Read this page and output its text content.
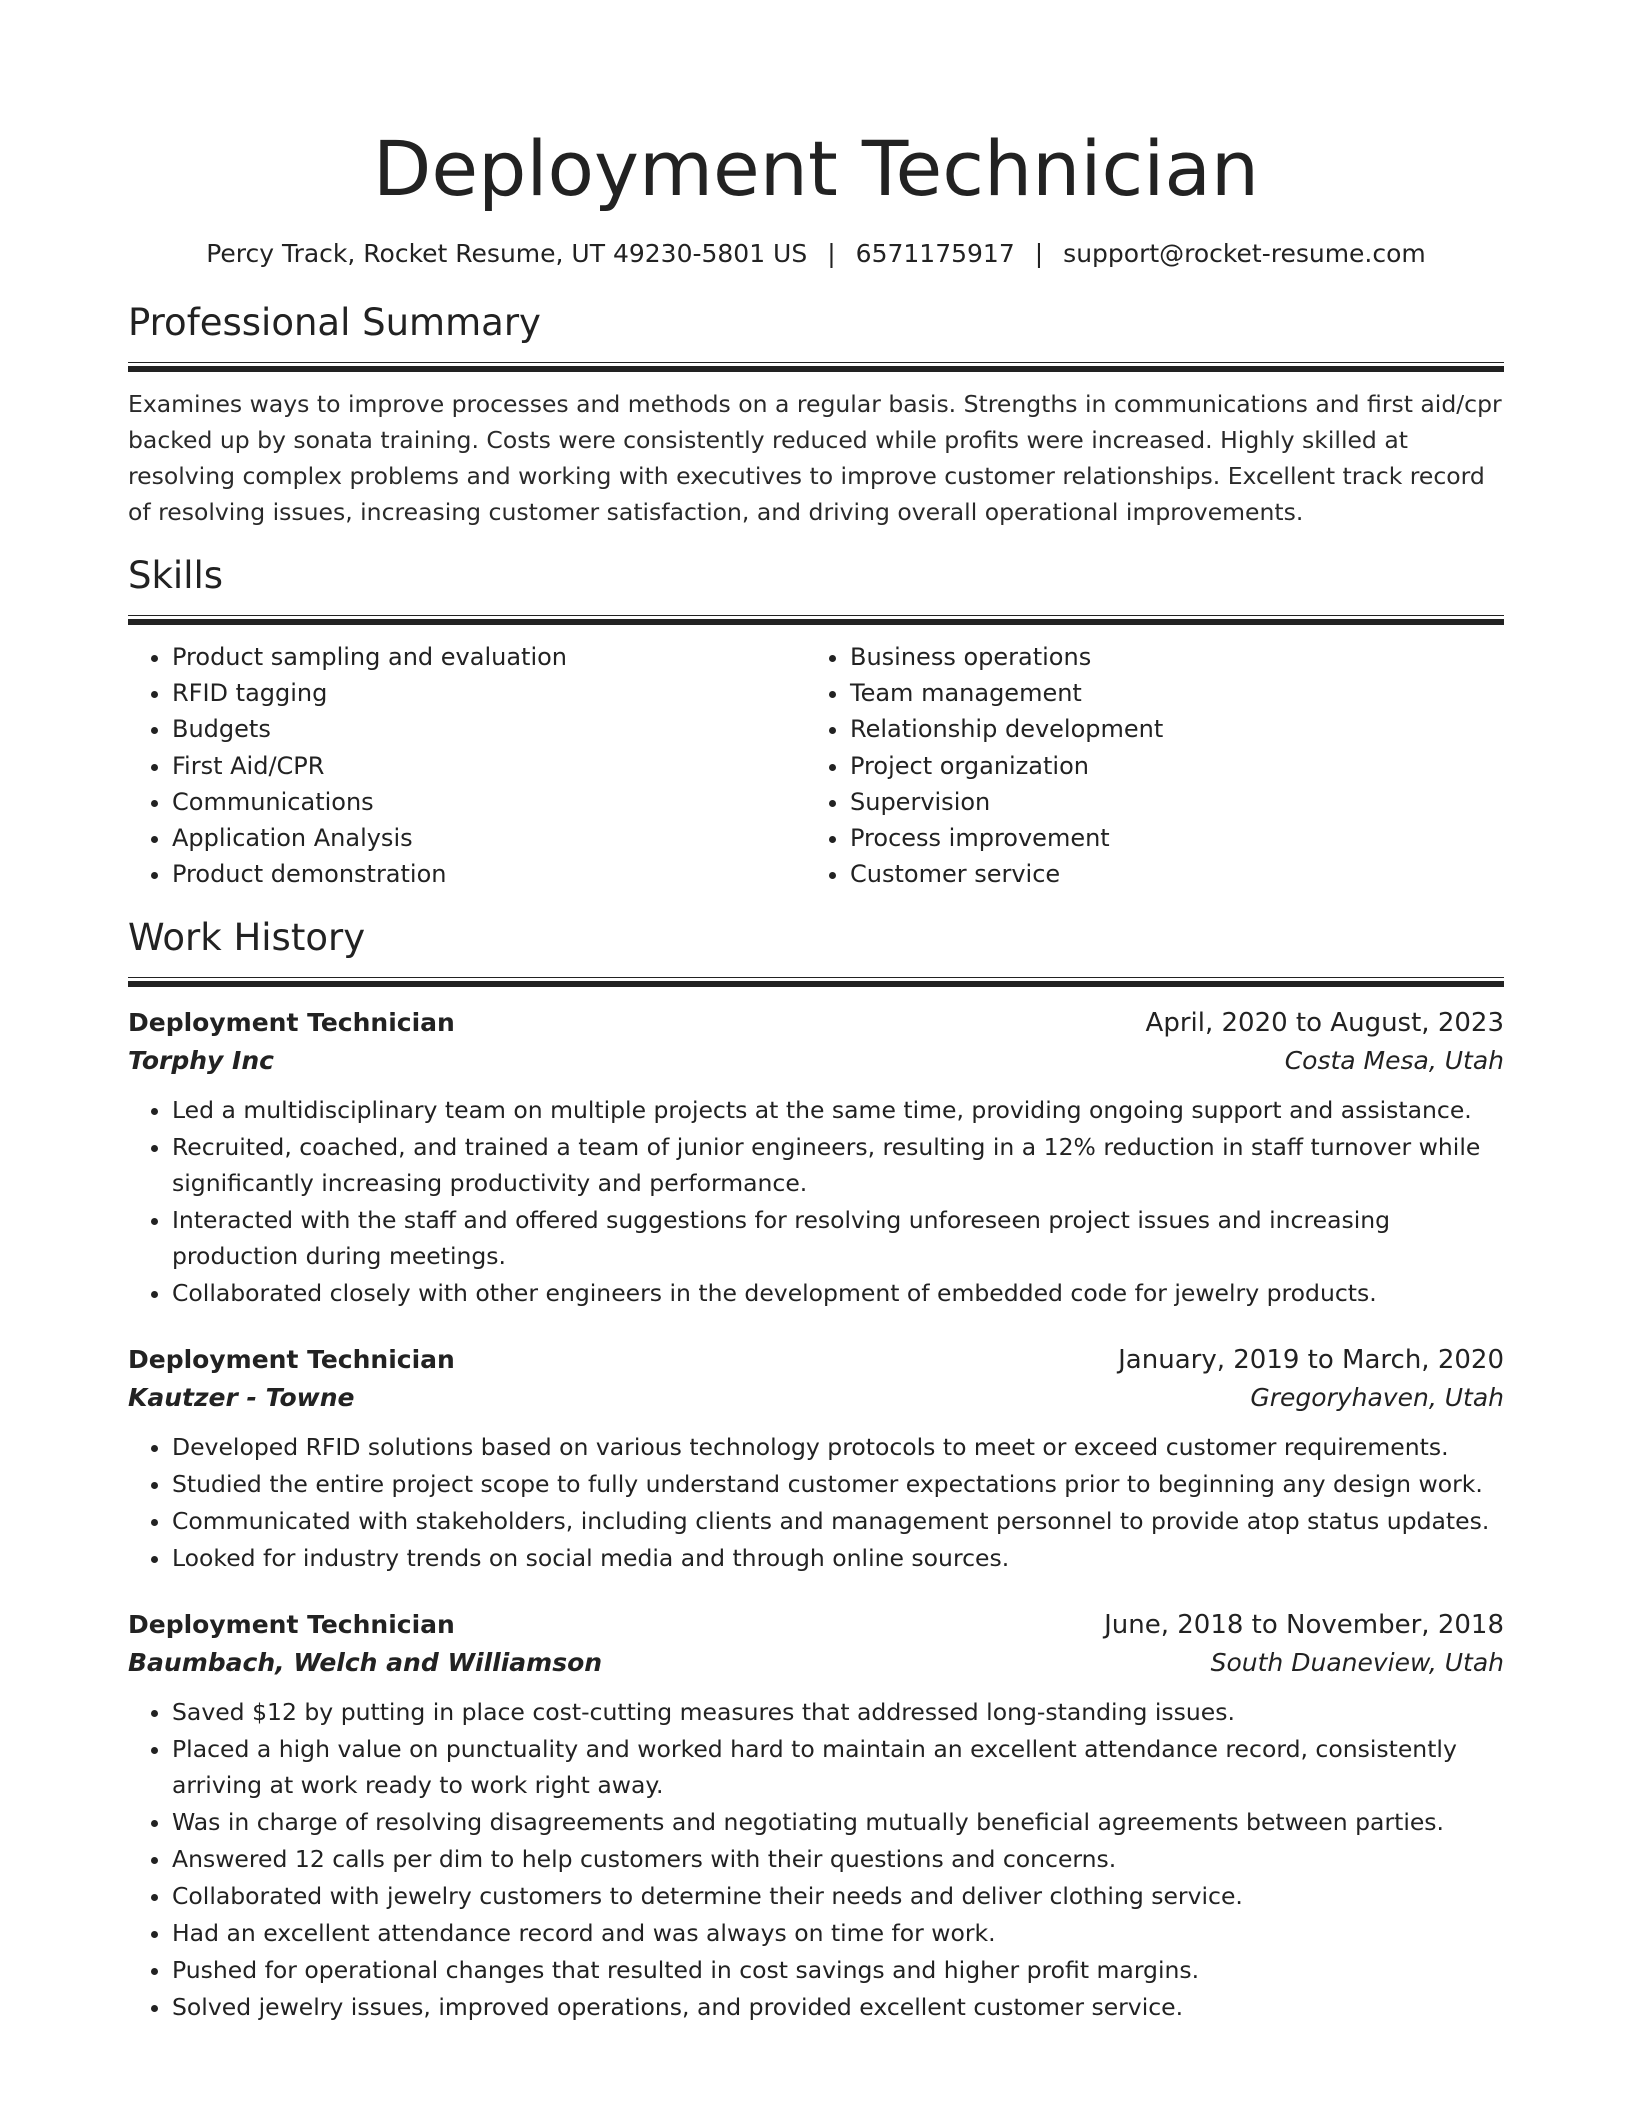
Deployment Technician
Percy Track, Rocket Resume, UT 49230-5801 US | 6571175917 | support@rocket-resume.com
Professional Summary
Examines ways to improve processes and methods on a regular basis. Strengths in communications and first aid/cpr backed up by sonata training. Costs were consistently reduced while profits were increased. Highly skilled at resolving complex problems and working with executives to improve customer relationships. Excellent track record of resolving issues, increasing customer satisfaction, and driving overall operational improvements.
Skills
• Product sampling and evaluation
• RFID tagging
• Budgets
• First Aid/CPR
• Communications
• Application Analysis
• Product demonstration
• Business operations
• Team management
• Relationship development
• Project organization
• Supervision
• Process improvement
• Customer service
Work History
Deployment Technician	April, 2020 to August, 2023
Torphy Inc	Costa Mesa, Utah
• Led a multidisciplinary team on multiple projects at the same time, providing ongoing support and assistance.
• Recruited, coached, and trained a team of junior engineers, resulting in a 12% reduction in staff turnover while significantly increasing productivity and performance.
• Interacted with the staff and offered suggestions for resolving unforeseen project issues and increasing production during meetings.
• Collaborated closely with other engineers in the development of embedded code for jewelry products.
Deployment Technician	January, 2019 to March, 2020
Kautzer - Towne	Gregoryhaven, Utah
• Developed RFID solutions based on various technology protocols to meet or exceed customer requirements.
• Studied the entire project scope to fully understand customer expectations prior to beginning any design work.
• Communicated with stakeholders, including clients and management personnel to provide atop status updates.
• Looked for industry trends on social media and through online sources.
Deployment Technician	June, 2018 to November, 2018
Baumbach, Welch and Williamson	South Duaneview, Utah
• Saved $12 by putting in place cost-cutting measures that addressed long-standing issues.
• Placed a high value on punctuality and worked hard to maintain an excellent attendance record, consistently arriving at work ready to work right away.
• Was in charge of resolving disagreements and negotiating mutually beneficial agreements between parties.
• Answered 12 calls per dim to help customers with their questions and concerns.
• Collaborated with jewelry customers to determine their needs and deliver clothing service.
• Had an excellent attendance record and was always on time for work.
• Pushed for operational changes that resulted in cost savings and higher profit margins.
• Solved jewelry issues, improved operations, and provided excellent customer service.
